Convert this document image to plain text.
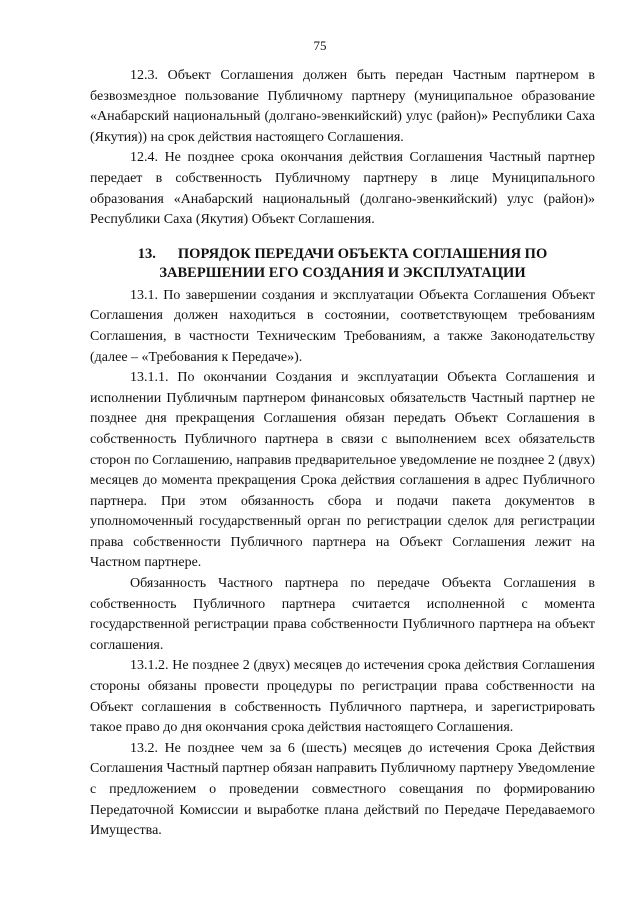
75

12.3. Объект Соглашения должен быть передан Частным партнером в безвозмездное пользование Публичному партнеру (муниципальное образование «Анабарский национальный (долгано-эвенкийский) улус (район)» Республики Саха (Якутия)) на срок действия настоящего Соглашения.

12.4. Не позднее срока окончания действия Соглашения Частный партнер передает в собственность Публичному партнеру в лице Муниципального образования «Анабарский национальный (долгано-эвенкийский) улус (район)» Республики Саха (Якутия) Объект Соглашения.

13. ПОРЯДОК ПЕРЕДАЧИ ОБЪЕКТА СОГЛАШЕНИЯ ПО ЗАВЕРШЕНИИ ЕГО СОЗДАНИЯ И ЭКСПЛУАТАЦИИ

13.1. По завершении создания и эксплуатации Объекта Соглашения Объект Соглашения должен находиться в состоянии, соответствующем требованиям Соглашения, в частности Техническим Требованиям, а также Законодательству (далее – «Требования к Передаче»).

13.1.1. По окончании Создания и эксплуатации Объекта Соглашения и исполнении Публичным партнером финансовых обязательств Частный партнер не позднее дня прекращения Соглашения обязан передать Объект Соглашения в собственность Публичного партнера в связи с выполнением всех обязательств сторон по Соглашению, направив предварительное уведомление не позднее 2 (двух) месяцев до момента прекращения Срока действия соглашения в адрес Публичного партнера. При этом обязанность сбора и подачи пакета документов в уполномоченный государственный орган по регистрации сделок для регистрации права собственности Публичного партнера на Объект Соглашения лежит на Частном партнере.

Обязанность Частного партнера по передаче Объекта Соглашения в собственность Публичного партнера считается исполненной с момента государственной регистрации права собственности Публичного партнера на объект соглашения.

13.1.2. Не позднее 2 (двух) месяцев до истечения срока действия Соглашения стороны обязаны провести процедуры по регистрации права собственности на Объект соглашения в собственность Публичного партнера, и зарегистрировать такое право до дня окончания срока действия настоящего Соглашения.

13.2. Не позднее чем за 6 (шесть) месяцев до истечения Срока Действия Соглашения Частный партнер обязан направить Публичному партнеру Уведомление с предложением о проведении совместного совещания по формированию Передаточной Комиссии и выработке плана действий по Передаче Передаваемого Имущества.
